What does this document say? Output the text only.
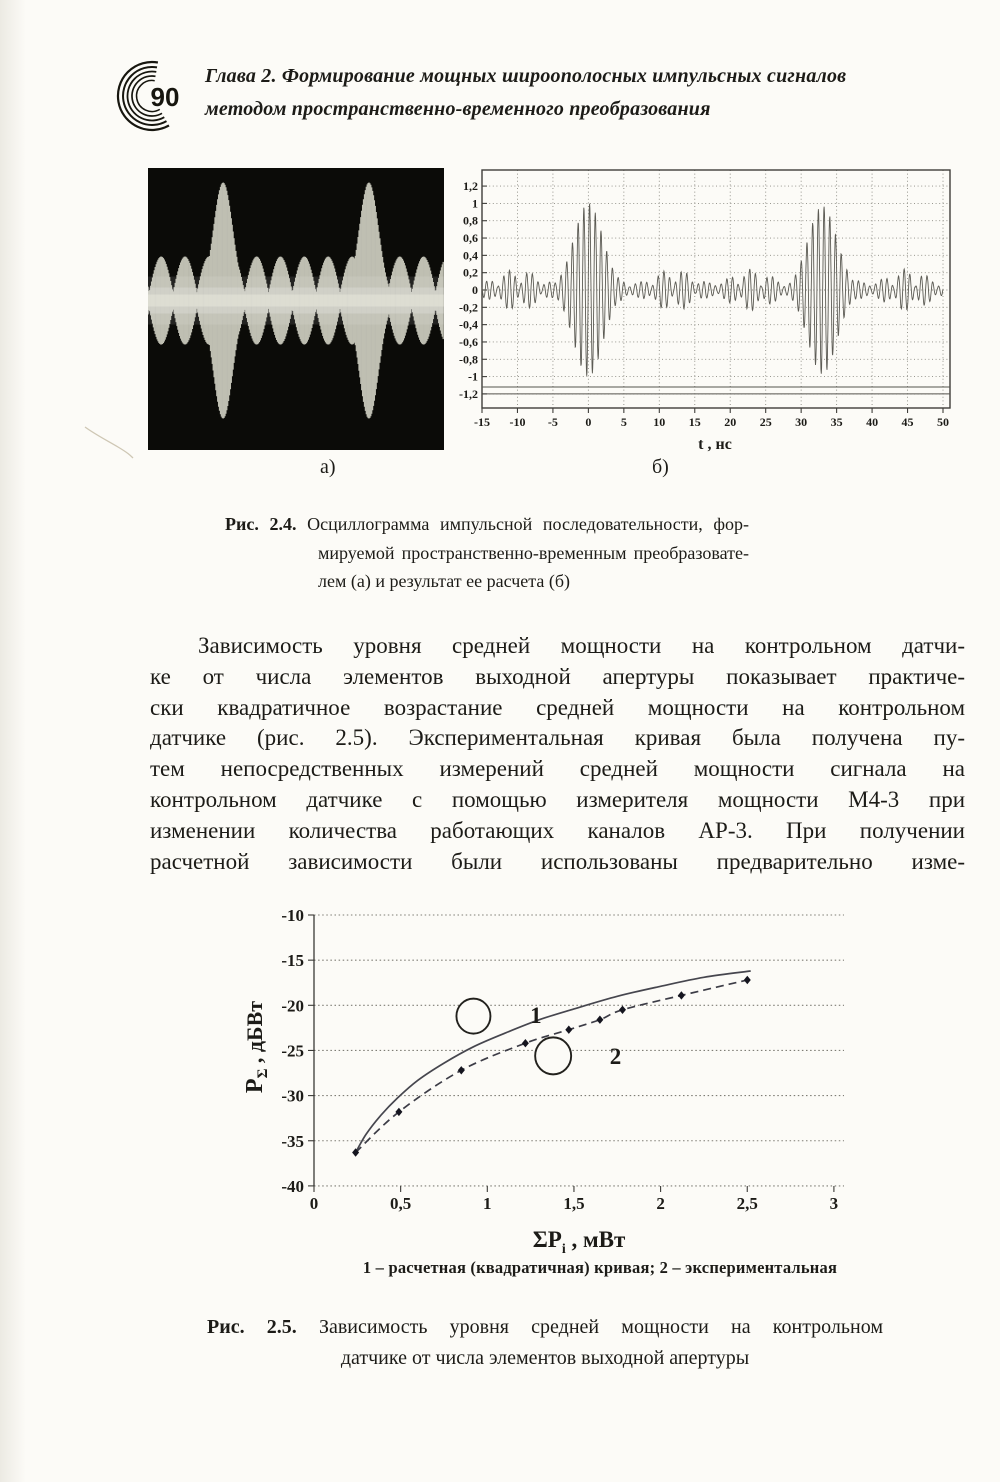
90
Глава 2. Формирование мощных широополосных импульсных сигналов
методом пространственно-временного преобразования
а)
-15 -10 -5 0 5 10 15 20 25 30 35 40 45 50
1,2
1
0,8
0,6
0,4
0,2
0
-0,2
-0,4
-0,6
-0,8
-1
-1,2
t , нс
б)
Рис. 2.4. Осциллограмма импульсной последовательности, фор-
мируемой пространственно-временным преобразовате-
лем (а) и результат ее расчета (б)
Зависимость уровня средней мощности на контрольном датчи-
ке от числа элементов выходной апертуры показывает практиче-
ски квадратичное возрастание средней мощности на контрольном
датчике (рис. 2.5). Экспериментальная кривая была получена пу-
тем непосредственных измерений средней мощности сигнала на
контрольном датчике с помощью измерителя мощности М4-3 при
изменении количества работающих каналов АР-3. При получении
расчетной зависимости были использованы предварительно изме-
-10
-15
-20
-25
-30
-35
-40
0	0,5	1	1,5	2	2,5	3
PΣ , дБВт
ΣPi , мВт
1
2
1 – расчетная (квадратичная) кривая; 2 – экспериментальная
Рис. 2.5. Зависимость уровня средней мощности на контрольном
датчике от числа элементов выходной апертуры
